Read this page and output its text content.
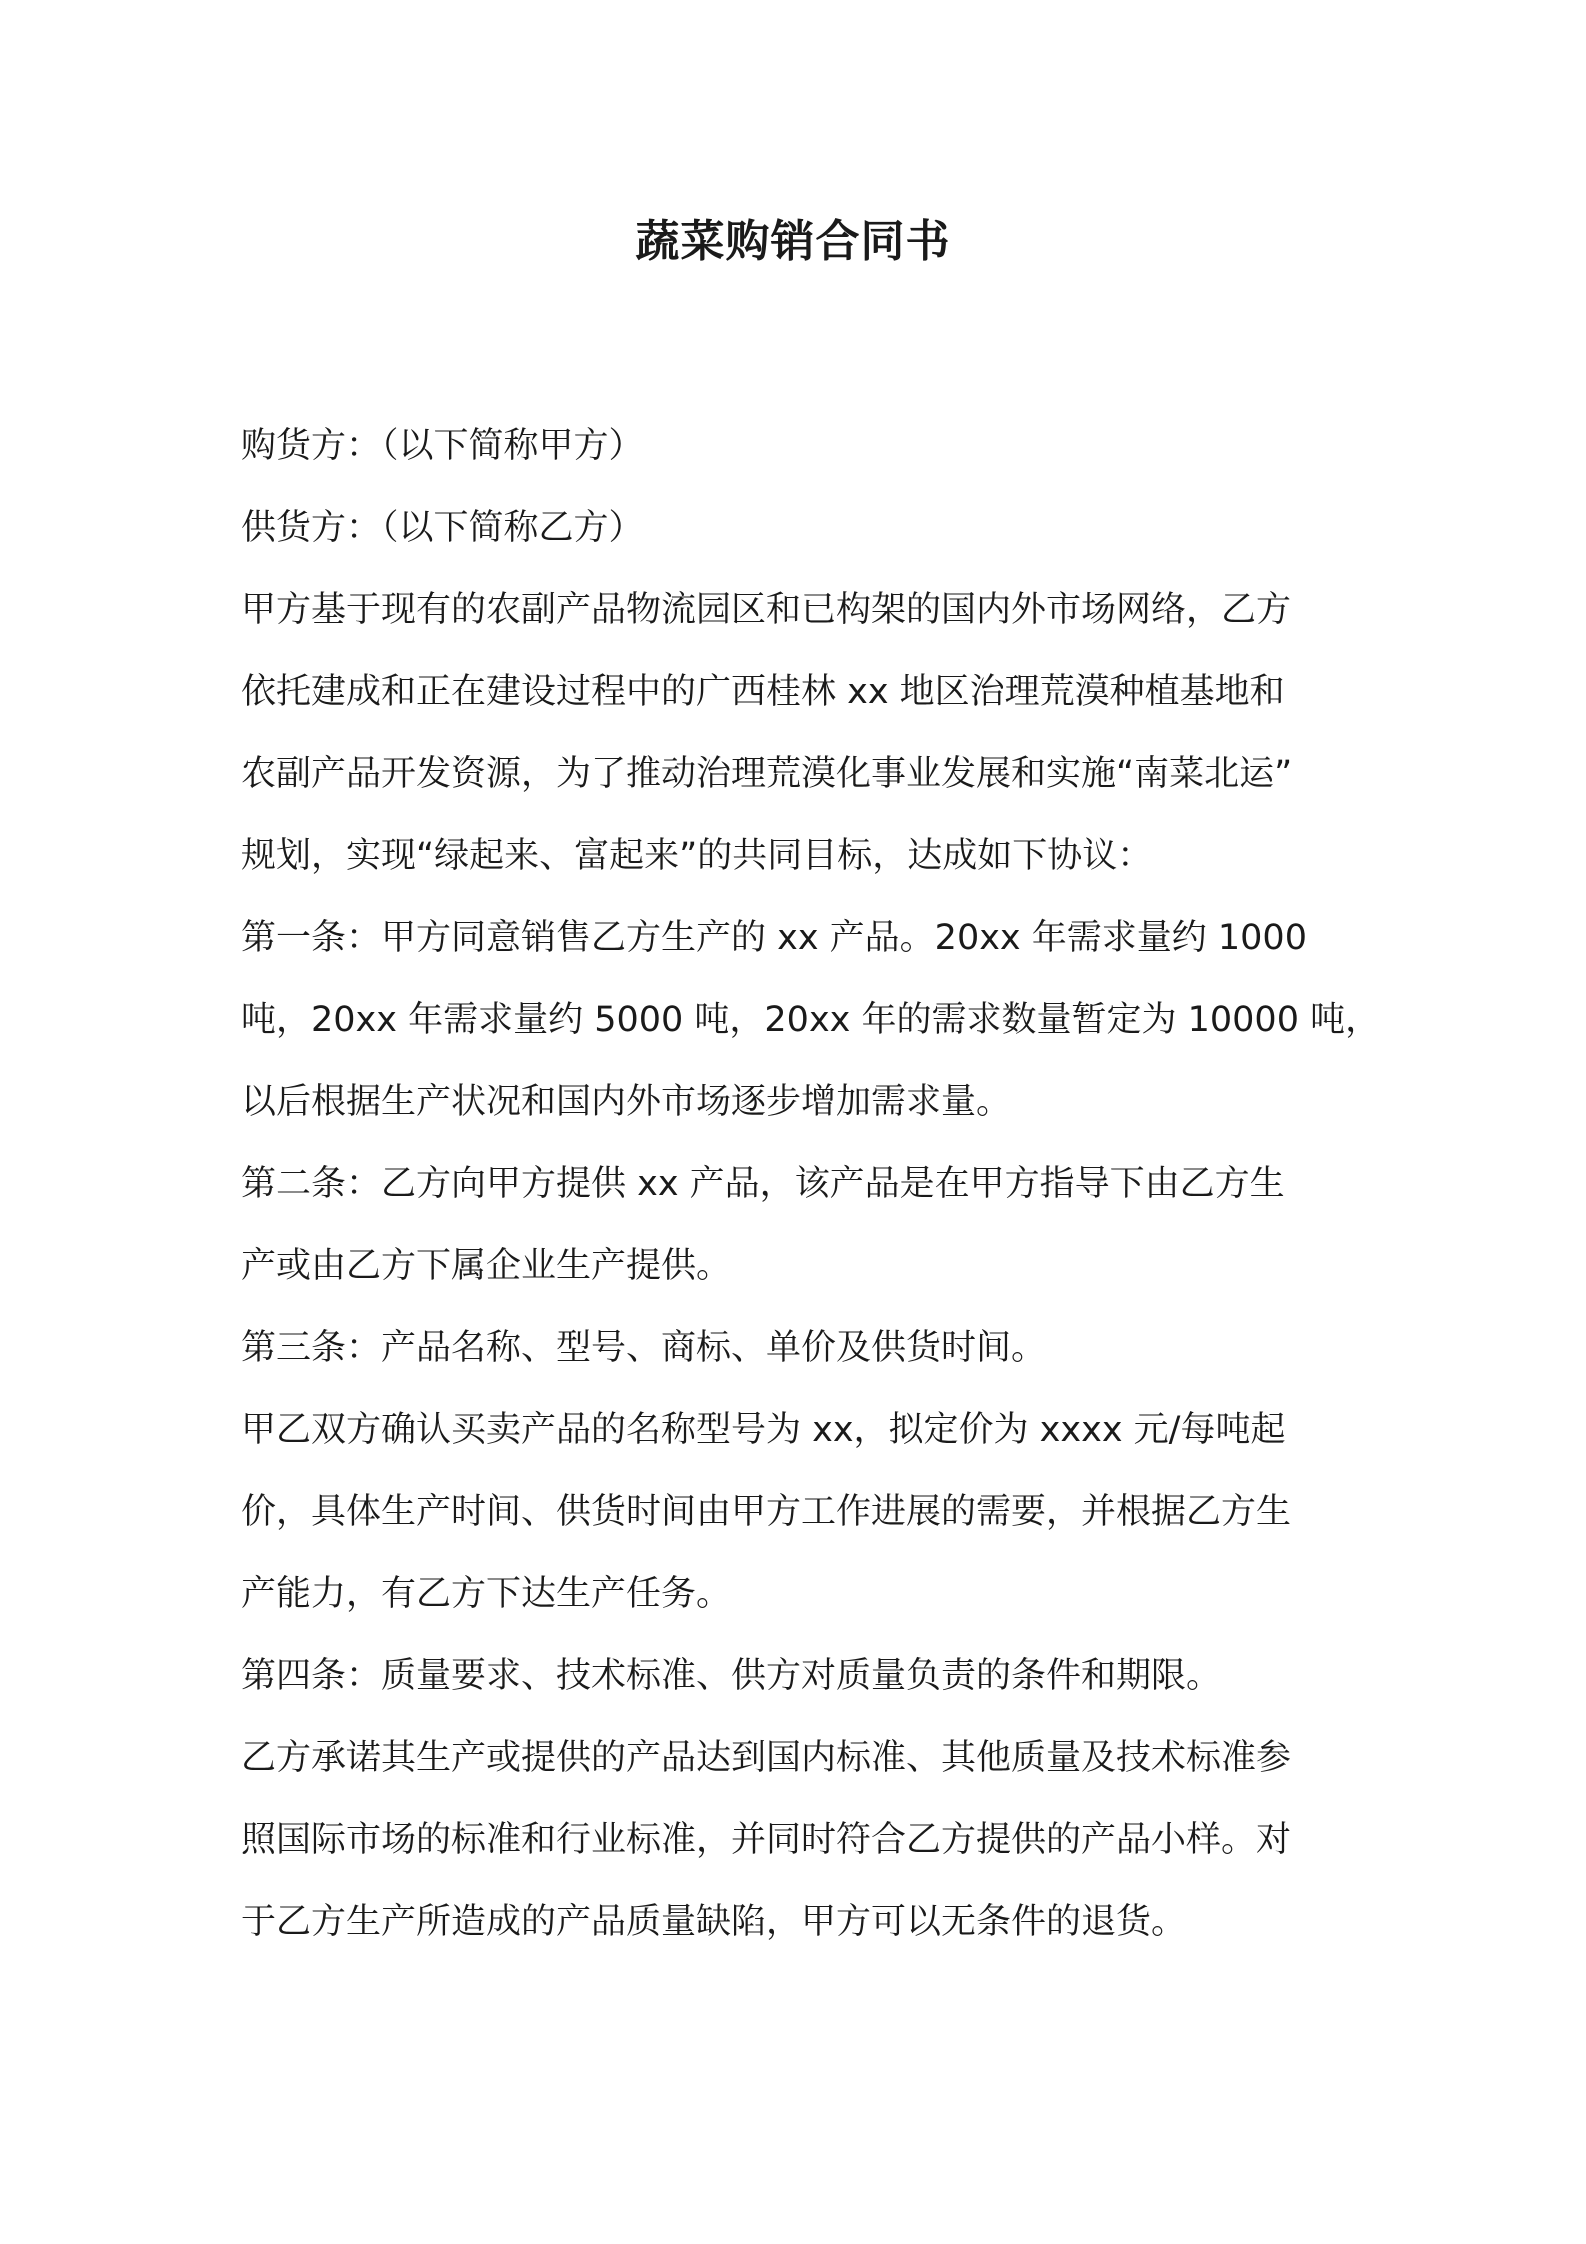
蔬菜购销合同书

购货方：（以下简称甲方）

供货方：（以下简称乙方）

甲方基于现有的农副产品物流园区和已构架的国内外市场网络，乙方

依托建成和正在建设过程中的广西桂林 xx 地区治理荒漠种植基地和

农副产品开发资源，为了推动治理荒漠化事业发展和实施“南菜北运”

规划，实现“绿起来、富起来”的共同目标，达成如下协议：

第一条：甲方同意销售乙方生产的 xx 产品。20xx 年需求量约 1000

吨，20xx 年需求量约 5000 吨，20xx 年的需求数量暂定为 10000 吨，

以后根据生产状况和国内外市场逐步增加需求量。

第二条：乙方向甲方提供 xx 产品，该产品是在甲方指导下由乙方生

产或由乙方下属企业生产提供。

第三条：产品名称、型号、商标、单价及供货时间。

甲乙双方确认买卖产品的名称型号为 xx，拟定价为 xxxx 元/每吨起

价，具体生产时间、供货时间由甲方工作进展的需要，并根据乙方生

产能力，有乙方下达生产任务。

第四条：质量要求、技术标准、供方对质量负责的条件和期限。

乙方承诺其生产或提供的产品达到国内标准、其他质量及技术标准参

照国际市场的标准和行业标准，并同时符合乙方提供的产品小样。对

于乙方生产所造成的产品质量缺陷，甲方可以无条件的退货。
